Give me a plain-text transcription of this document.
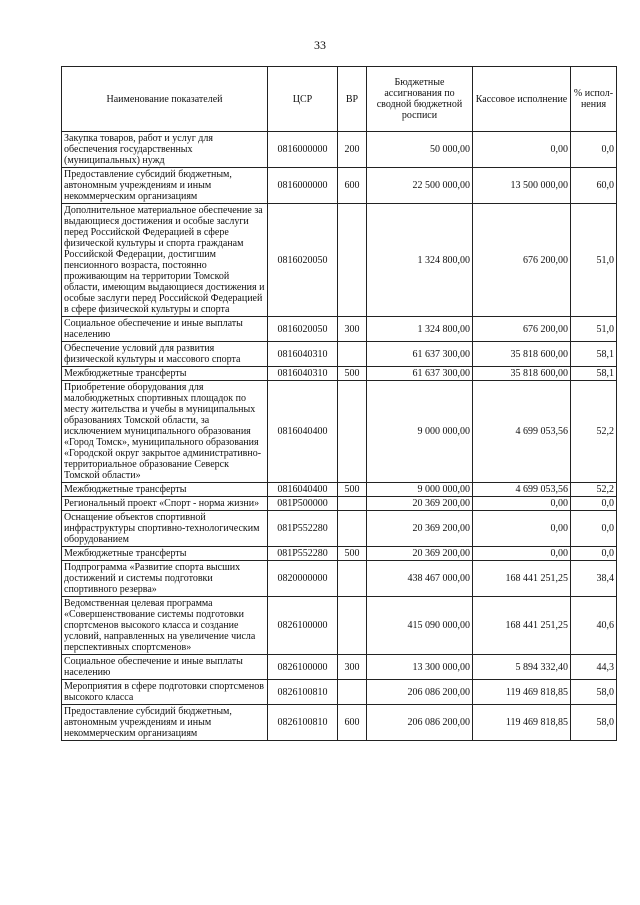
33
Наименование показателей	ЦСР	ВР	Бюджетные ассигнования по сводной бюджетной росписи	Кассовое исполнение	% испол-нения
Закупка товаров, работ и услуг для обеспечения государственных (муниципальных) нужд	0816000000	200	50 000,00	0,00	0,0
Предоставление субсидий бюджетным, автономным учреждениям и иным некоммерческим организациям	0816000000	600	22 500 000,00	13 500 000,00	60,0
Дополнительное материальное обеспечение за выдающиеся достижения и особые заслуги перед Российской Федерацией в сфере физической культуры и спорта гражданам Российской Федерации, достигшим пенсионного возраста, постоянно проживающим на территории Томской области, имеющим выдающиеся достижения и особые заслуги перед Российской Федерацией в сфере физической культуры и спорта	0816020050		1 324 800,00	676 200,00	51,0
Социальное обеспечение и иные выплаты населению	0816020050	300	1 324 800,00	676 200,00	51,0
Обеспечение условий для развития физической культуры и массового спорта	0816040310		61 637 300,00	35 818 600,00	58,1
Межбюджетные трансферты	0816040310	500	61 637 300,00	35 818 600,00	58,1
Приобретение оборудования для малобюджетных спортивных площадок по месту жительства и учебы в муниципальных образованиях Томской области, за исключением муниципального образования «Город Томск», муниципального образования «Городской округ закрытое административно-территориальное образование Северск Томской области»	0816040400		9 000 000,00	4 699 053,56	52,2
Межбюджетные трансферты	0816040400	500	9 000 000,00	4 699 053,56	52,2
Региональный проект «Спорт - норма жизни»	081P500000		20 369 200,00	0,00	0,0
Оснащение объектов спортивной инфраструктуры спортивно-технологическим оборудованием	081P552280		20 369 200,00	0,00	0,0
Межбюджетные трансферты	081P552280	500	20 369 200,00	0,00	0,0
Подпрограмма «Развитие спорта высших достижений и системы подготовки спортивного резерва»	0820000000		438 467 000,00	168 441 251,25	38,4
Ведомственная целевая программа «Совершенствование системы подготовки спортсменов высокого класса и создание условий, направленных на увеличение числа перспективных спортсменов»	0826100000		415 090 000,00	168 441 251,25	40,6
Социальное обеспечение и иные выплаты населению	0826100000	300	13 300 000,00	5 894 332,40	44,3
Мероприятия в сфере подготовки спортсменов высокого класса	0826100810		206 086 200,00	119 469 818,85	58,0
Предоставление субсидий бюджетным, автономным учреждениям и иным некоммерческим организациям	0826100810	600	206 086 200,00	119 469 818,85	58,0
